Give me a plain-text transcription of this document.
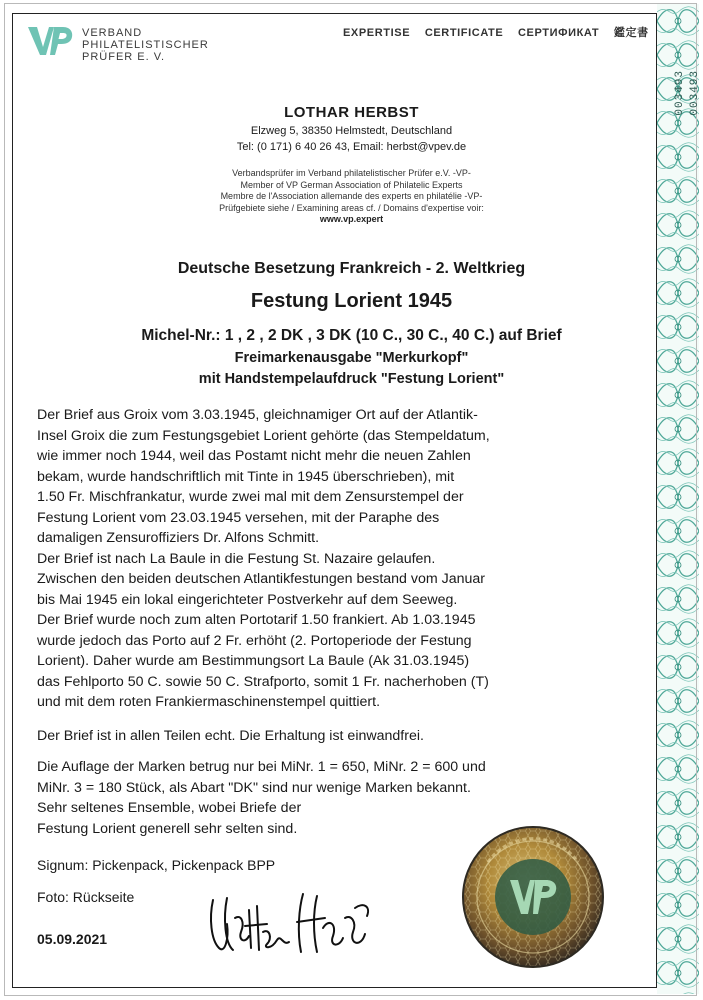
VERBAND
PHILATELISTISCHER
PRÜFER E. V.
EXPERTISE CERTIFICATE СЕРТИФИКАТ 鑑定書
003493 003493
LOTHAR HERBST
Elzweg 5, 38350 Helmstedt, Deutschland
Tel: (0 171) 6 40 26 43, Email: herbst@vpev.de
Verbandsprüfer im Verband philatelistischer Prüfer e.V. -VP-
Member of VP German Association of Philatelic Experts
Membre de l'Association allemande des experts en philatélie -VP-
Prüfgebiete siehe / Examining areas cf. / Domains d'expertise voir:
www.vp.expert
Deutsche Besetzung Frankreich - 2. Weltkrieg
Festung Lorient 1945
Michel-Nr.: 1 , 2 , 2 DK , 3 DK (10 C., 30 C., 40 C.) auf Brief
Freimarkenausgabe "Merkurkopf"
mit Handstempelaufdruck "Festung Lorient"
Der Brief aus Groix vom 3.03.1945, gleichnamiger Ort auf der Atlantik-
Insel Groix die zum Festungsgebiet Lorient gehörte (das Stempeldatum,
wie immer noch 1944, weil das Postamt nicht mehr die neuen Zahlen
bekam, wurde handschriftlich mit Tinte in 1945 überschrieben), mit
1.50 Fr. Mischfrankatur, wurde zwei mal mit dem Zensurstempel der
Festung Lorient vom 23.03.1945 versehen, mit der Paraphe des
damaligen Zensuroffiziers Dr. Alfons Schmitt.
Der Brief ist nach La Baule in die Festung St. Nazaire gelaufen.
Zwischen den beiden deutschen Atlantikfestungen bestand vom Januar
bis Mai 1945 ein lokal eingerichteter Postverkehr auf dem Seeweg.
Der Brief wurde noch zum alten Portotarif 1.50 frankiert. Ab 1.03.1945
wurde jedoch das Porto auf 2 Fr. erhöht (2. Portoperiode der Festung
Lorient). Daher wurde am Bestimmungsort La Baule (Ak 31.03.1945)
das Fehlporto 50 C. sowie 50 C. Strafporto, somit 1 Fr. nacherhoben (T)
und mit dem roten Frankiermaschinenstempel quittiert.
Der Brief ist in allen Teilen echt. Die Erhaltung ist einwandfrei.
Die Auflage der Marken betrug nur bei MiNr. 1 = 650, MiNr. 2 = 600 und
MiNr. 3 = 180 Stück, als Abart "DK" sind nur wenige Marken bekannt.
Sehr seltenes Ensemble, wobei Briefe der
Festung Lorient generell sehr selten sind.
Signum: Pickenpack, Pickenpack BPP
Foto: Rückseite
05.09.2021
